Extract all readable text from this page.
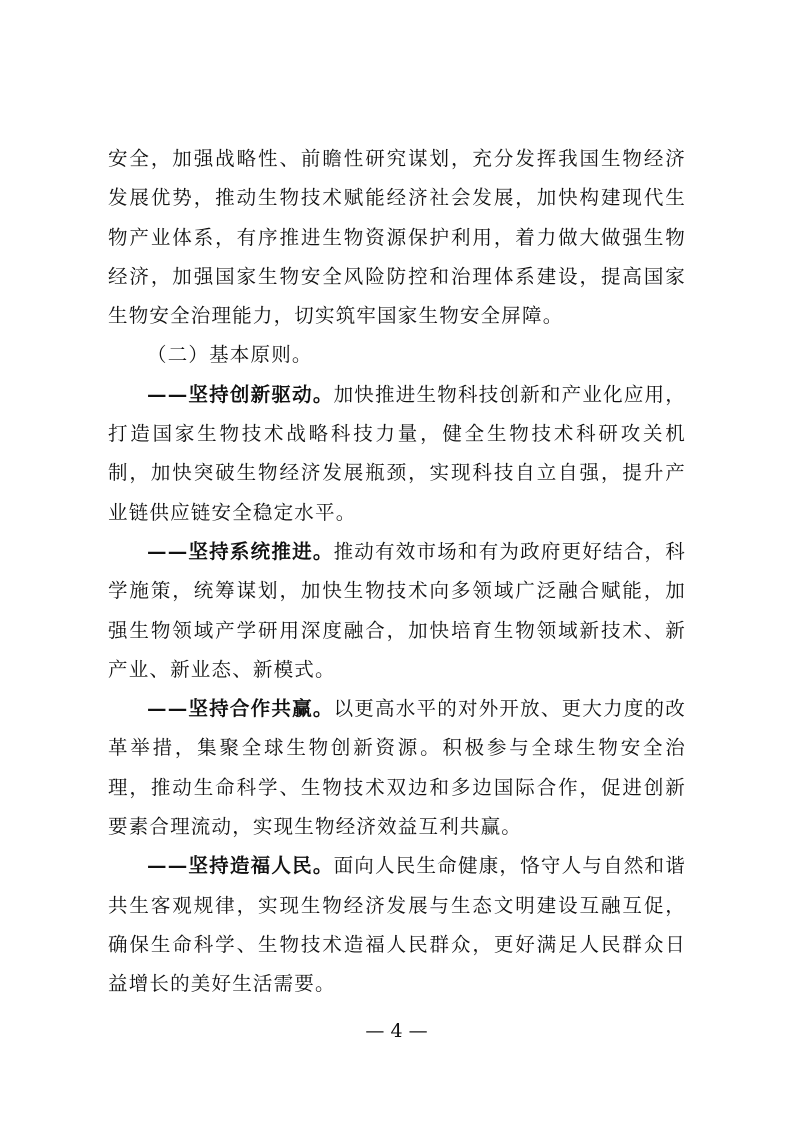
安全，加强战略性、前瞻性研究谋划，充分发挥我国生物经济发展优势，推动生物技术赋能经济社会发展，加快构建现代生物产业体系，有序推进生物资源保护利用，着力做大做强生物经济，加强国家生物安全风险防控和治理体系建设，提高国家生物安全治理能力，切实筑牢国家生物安全屏障。

（二）基本原则。

——坚持创新驱动。加快推进生物科技创新和产业化应用，打造国家生物技术战略科技力量，健全生物技术科研攻关机制，加快突破生物经济发展瓶颈，实现科技自立自强，提升产业链供应链安全稳定水平。

——坚持系统推进。推动有效市场和有为政府更好结合，科学施策，统筹谋划，加快生物技术向多领域广泛融合赋能，加强生物领域产学研用深度融合，加快培育生物领域新技术、新产业、新业态、新模式。

——坚持合作共赢。以更高水平的对外开放、更大力度的改革举措，集聚全球生物创新资源。积极参与全球生物安全治理，推动生命科学、生物技术双边和多边国际合作，促进创新要素合理流动，实现生物经济效益互利共赢。

——坚持造福人民。面向人民生命健康，恪守人与自然和谐共生客观规律，实现生物经济发展与生态文明建设互融互促，确保生命科学、生物技术造福人民群众，更好满足人民群众日益增长的美好生活需要。

— 4 —
